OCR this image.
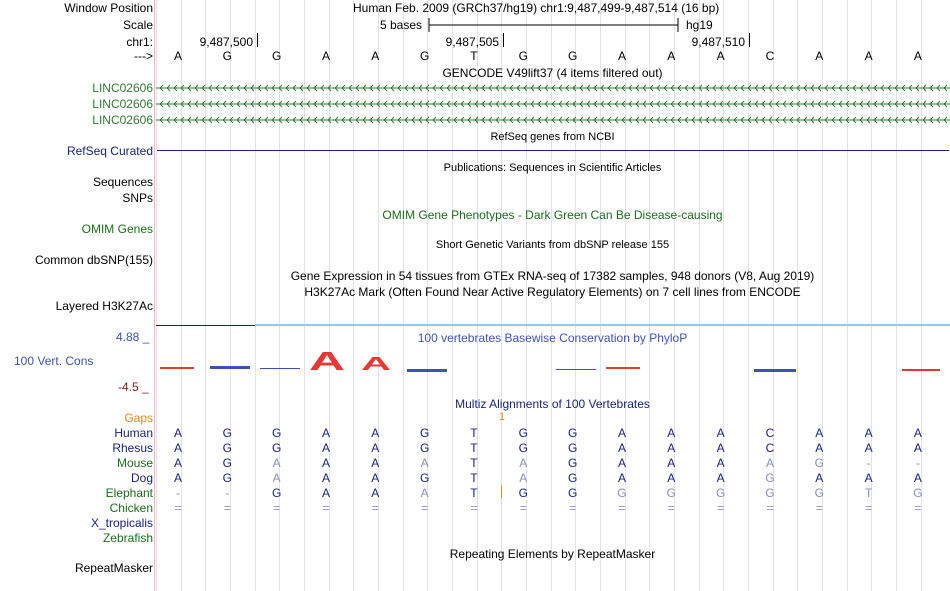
Window Position	Human Feb. 2009 (GRCh37/hg19) chr1:9,487,499-9,487,514 (16 bp)
Scale	5 bases	hg19
chr1:	9,487,500	9,487,505	9,487,510
--->	A	G	G	A	A	G	T	G	G	A	A	A	C	A	A	A
GENCODE V49lift37 (4 items filtered out)
LINC02606
LINC02606
LINC02606
RefSeq genes from NCBI
RefSeq Curated
Publications: Sequences in Scientific Articles
Sequences
SNPs
OMIM Gene Phenotypes - Dark Green Can Be Disease-causing
OMIM Genes
Short Genetic Variants from dbSNP release 155
Common dbSNP(155)
Gene Expression in 54 tissues from GTEx RNA-seq of 17382 samples, 948 donors (V8, Aug 2019)
H3K27Ac Mark (Often Found Near Active Regulatory Elements) on 7 cell lines from ENCODE
Layered H3K27Ac
100 vertebrates Basewise Conservation by PhyloP
4.88 _
100 Vert. Cons
-4.5 _
A A
Multiz Alignments of 100 Vertebrates
Gaps	1
Human	A	G	G	A	A	G	T	G	G	A	A	A	C	A	A	A
Rhesus	A	G	G	A	A	G	T	G	G	A	A	A	C	A	A	A
Mouse	A	G	A	A	A	A	T	A	G	A	A	A	A	G	-	-
Dog	A	G	A	A	A	G	T	A	G	A	A	A	G	A	A	A
Elephant	-	-	G	A	A	A	T	G	G	G	G	G	G	G	T	G
Chicken	=	=	=	=	=	=	=	=	=	=	=	=	=	=	=	=
X_tropicalis
Zebrafish
Repeating Elements by RepeatMasker
RepeatMasker
